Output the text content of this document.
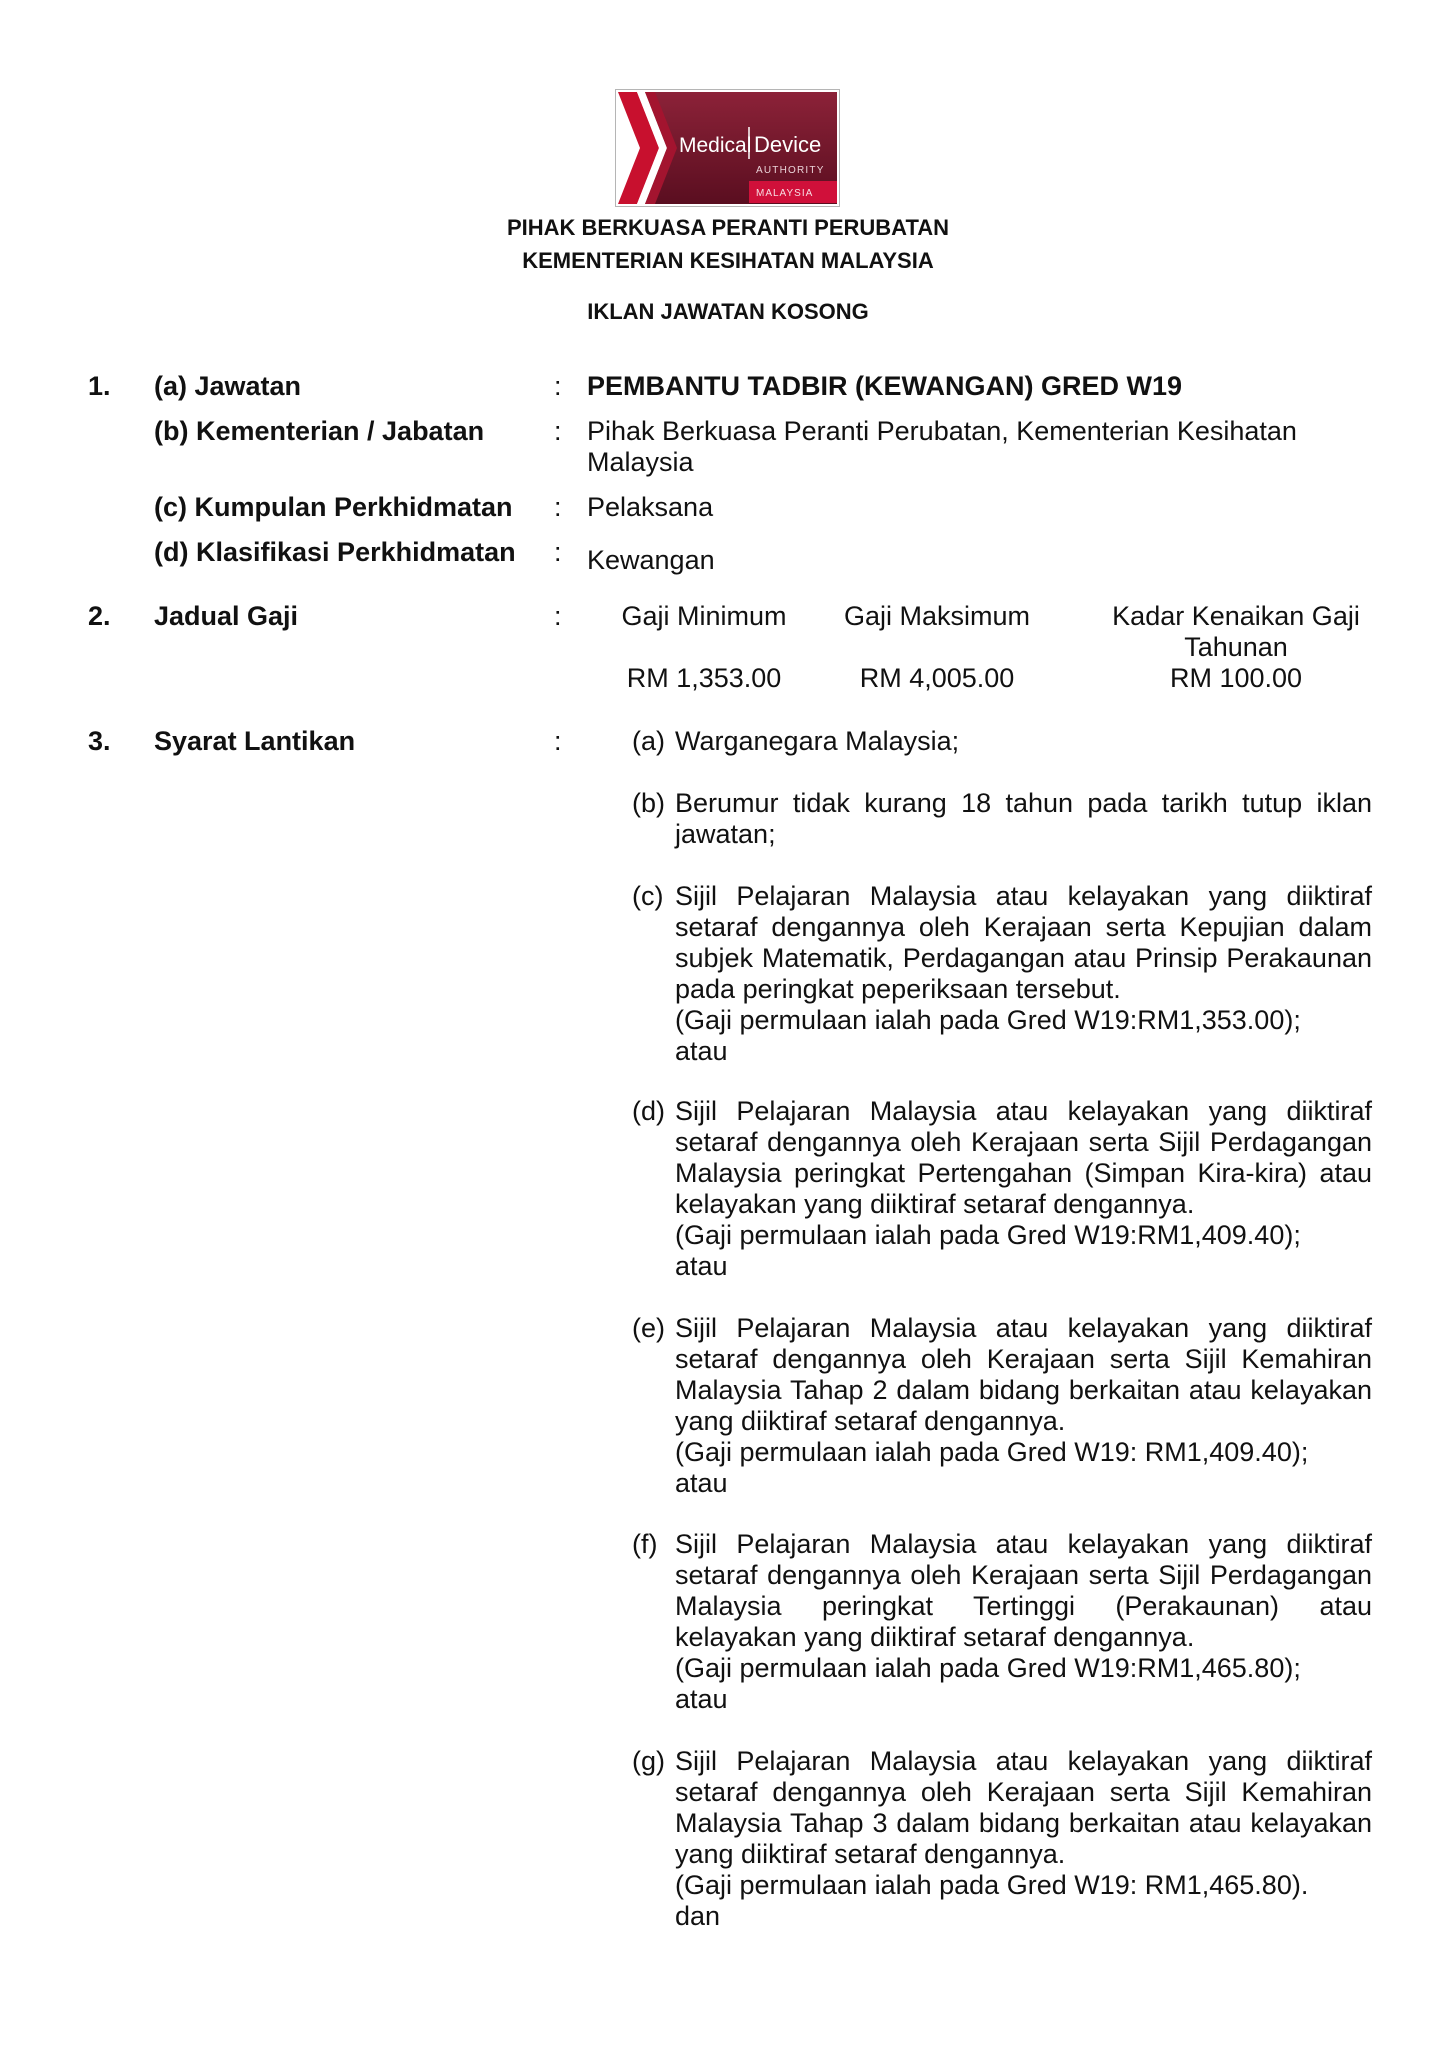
Medical Device
AUTHORITY
MALAYSIA
PIHAK BERKUASA PERANTI PERUBATAN
KEMENTERIAN KESIHATAN MALAYSIA
IKLAN JAWATAN KOSONG
1. (a) Jawatan	: PEMBANTU TADBIR (KEWANGAN) GRED W19
(b) Kementerian / Jabatan	: Pihak Berkuasa Peranti Perubatan, Kementerian Kesihatan Malaysia
(c) Kumpulan Perkhidmatan : Pelaksana
(d) Klasifikasi Perkhidmatan : Kewangan
2. Jadual Gaji	:	Gaji Minimum	Gaji Maksimum	Kadar Kenaikan Gaji Tahunan
RM 1,353.00	RM 4,005.00	RM 100.00
3. Syarat Lantikan	:	(a) Warganegara Malaysia;
(b) Berumur tidak kurang 18 tahun pada tarikh tutup iklan
jawatan;
(c) Sijil Pelajaran Malaysia atau kelayakan yang diiktiraf
setaraf dengannya oleh Kerajaan serta Kepujian dalam
subjek Matematik, Perdagangan atau Prinsip Perakaunan
pada peringkat peperiksaan tersebut.
(Gaji permulaan ialah pada Gred W19:RM1,353.00);
atau
(d) Sijil Pelajaran Malaysia atau kelayakan yang diiktiraf
setaraf dengannya oleh Kerajaan serta Sijil Perdagangan
Malaysia peringkat Pertengahan (Simpan Kira-kira) atau
kelayakan yang diiktiraf setaraf dengannya.
(Gaji permulaan ialah pada Gred W19:RM1,409.40);
atau
(e) Sijil Pelajaran Malaysia atau kelayakan yang diiktiraf
setaraf dengannya oleh Kerajaan serta Sijil Kemahiran
Malaysia Tahap 2 dalam bidang berkaitan atau kelayakan
yang diiktiraf setaraf dengannya.
(Gaji permulaan ialah pada Gred W19: RM1,409.40);
atau
(f) Sijil Pelajaran Malaysia atau kelayakan yang diiktiraf
setaraf dengannya oleh Kerajaan serta Sijil Perdagangan
Malaysia peringkat Tertinggi (Perakaunan) atau
kelayakan yang diiktiraf setaraf dengannya.
(Gaji permulaan ialah pada Gred W19:RM1,465.80);
atau
(g) Sijil Pelajaran Malaysia atau kelayakan yang diiktiraf
setaraf dengannya oleh Kerajaan serta Sijil Kemahiran
Malaysia Tahap 3 dalam bidang berkaitan atau kelayakan
yang diiktiraf setaraf dengannya.
(Gaji permulaan ialah pada Gred W19: RM1,465.80).
dan
